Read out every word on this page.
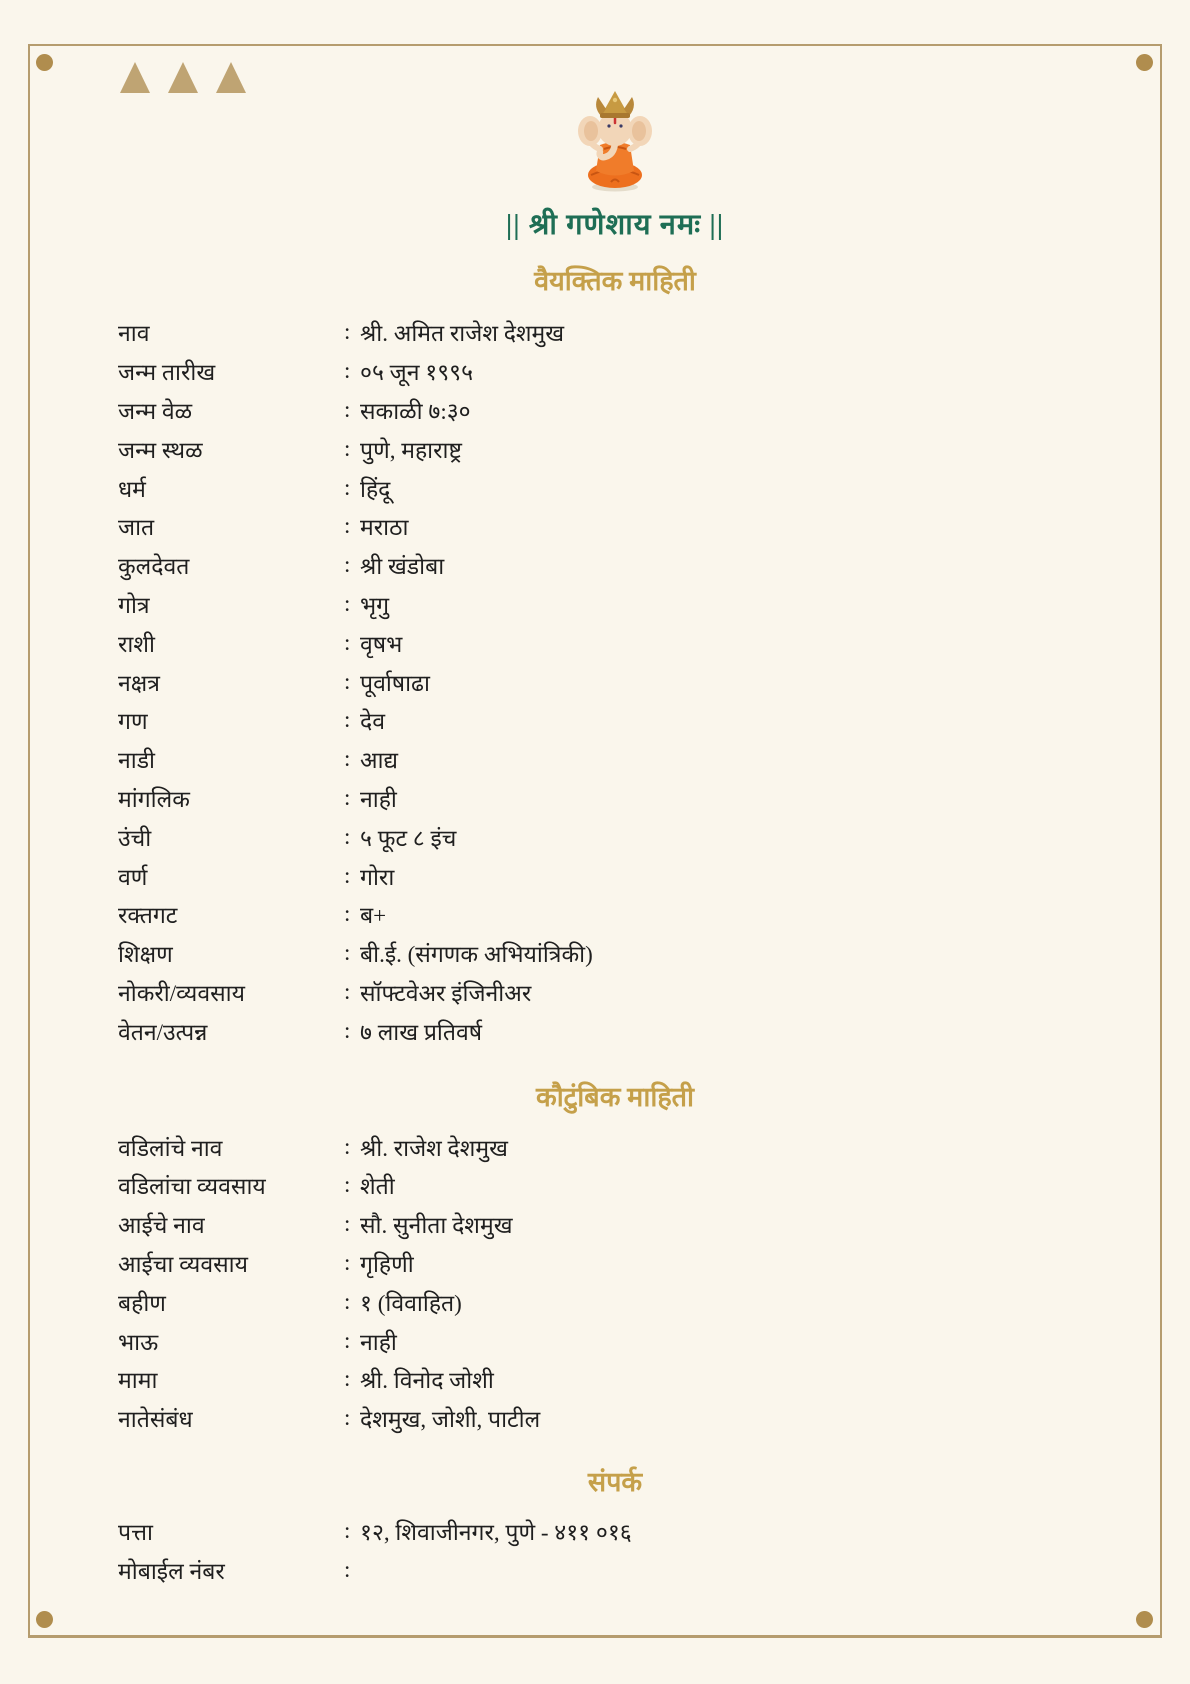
|| श्री गणेशाय नमः ||
वैयक्तिक माहिती
नाव	: श्री. अमित राजेश देशमुख
जन्म तारीख	: ०५ जून १९९५
जन्म वेळ	: सकाळी ७:३०
जन्म स्थळ	: पुणे, महाराष्ट्र
धर्म	: हिंदू
जात	: मराठा
कुलदेवत	: श्री खंडोबा
गोत्र	: भृगु
राशी	: वृषभ
नक्षत्र	: पूर्वाषाढा
गण	: देव
नाडी	: आद्य
मांगलिक	: नाही
उंची	: ५ फूट ८ इंच
वर्ण	: गोरा
रक्तगट	: ब+
शिक्षण	: बी.ई. (संगणक अभियांत्रिकी)
नोकरी/व्यवसाय	: सॉफ्टवेअर इंजिनीअर
वेतन/उत्पन्न	: ७ लाख प्रतिवर्ष
कौटुंबिक माहिती
वडिलांचे नाव	: श्री. राजेश देशमुख
वडिलांचा व्यवसाय	: शेती
आईचे नाव	: सौ. सुनीता देशमुख
आईचा व्यवसाय	: गृहिणी
बहीण	: १ (विवाहित)
भाऊ	: नाही
मामा	: श्री. विनोद जोशी
नातेसंबंध	: देशमुख, जोशी, पाटील
संपर्क
पत्ता	: १२, शिवाजीनगर, पुणे - ४११ ०१६
मोबाईल नंबर	:
